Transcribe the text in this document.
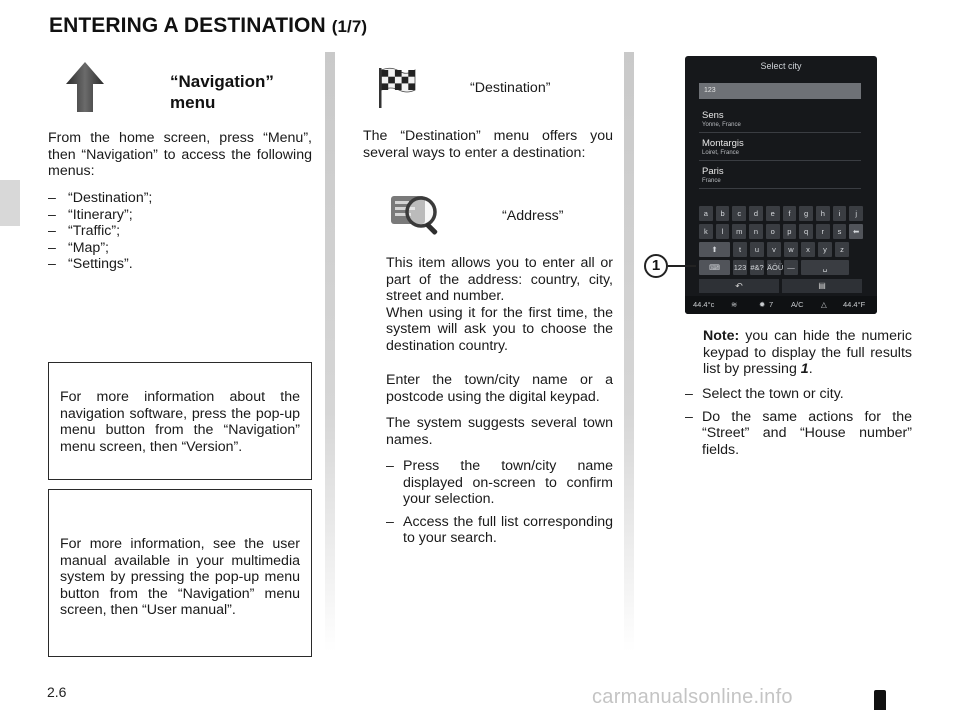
ENTERING A DESTINATION (1/7)
“Navigation”
menu
From the home screen, press “Menu”, then “Navigation” to access the following menus:
– “Destination”;
– “Itinerary”;
– “Traffic”;
– “Map”;
– “Settings”.

For more information about the navigation software, press the pop-up menu button from the “Navigation” menu screen, then “Version”.

For more information, see the user manual available in your multimedia system by pressing the pop-up menu button from the “Navigation” menu screen, then “User manual”.

“Destination”
The “Destination” menu offers you several ways to enter a destination:
“Address”
This item allows you to enter all or part of the address: country, city, street and number.
When using it for the first time, the system will ask you to choose the destination country.
Enter the town/city name or a postcode using the digital keypad.
The system suggests several town names.
– Press the town/city name displayed on-screen to confirm your selection.
– Access the full list corresponding to your search.
Select city
123
Sens
Yonne, France
Montargis
Loiret, France
Paris
France
a	b	c	d	e	f	g	h	i	j
k	l	m	n	o	p	q	r	s	⬅
⬆	t	u	v	w	x	y	z
⌨	123 #&? ÄÖÜ —	␣
↶	▤
44.4°c ≋	✹ 7 A/C △ 44.4°F
1
Note: you can hide the numeric keypad to display the full results list by pressing 1.
– Select the town or city.
– Do the same actions for the “Street” and “House number” fields.
2.6	carmanualsonline.info
